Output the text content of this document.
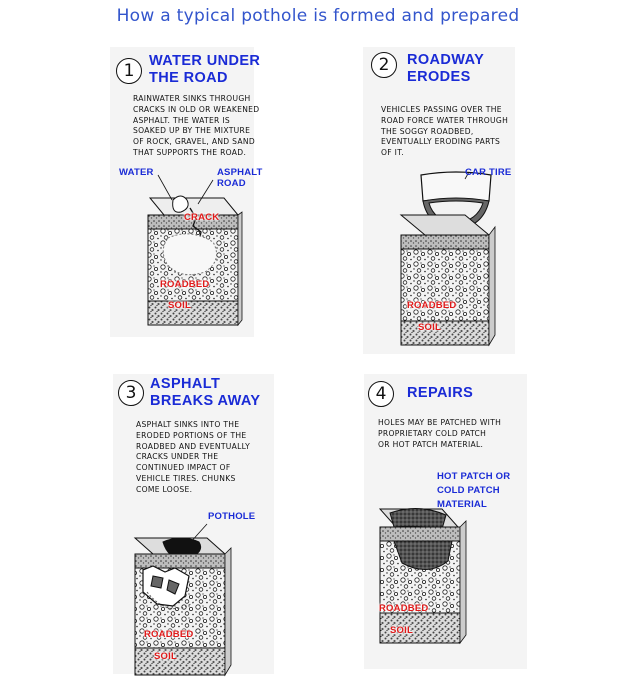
How a typical pothole is formed and prepared
1	WATER UNDER
THE ROAD
RAINWATER SINKS THROUGH
CRACKS IN OLD OR WEAKENED
ASPHALT. THE WATER IS
SOAKED UP BY THE MIXTURE
OF ROCK, GRAVEL, AND SAND
THAT SUPPORTS THE ROAD.
WATER	ASPHALT
ROAD
CRACK
ROADBED
SOIL
2	ROADWAY
ERODES
VEHICLES PASSING OVER THE
ROAD FORCE WATER THROUGH
THE SOGGY ROADBED,
EVENTUALLY ERODING PARTS
OF IT.
CAR TIRE
ROADBED
SOIL
3 ASPHALT
BREAKS AWAY
ASPHALT SINKS INTO THE
ERODED PORTIONS OF THE
ROADBED AND EVENTUALLY
CRACKS UNDER THE
CONTINUED IMPACT OF
VEHICLE TIRES. CHUNKS
COME LOOSE.
POTHOLE
ROADBED
SOIL
4	REPAIRS
HOLES MAY BE PATCHED WITH
PROPRIETARY COLD PATCH
OR HOT PATCH MATERIAL.
HOT PATCH OR
COLD PATCH
MATERIAL
ROADBED
SOIL
